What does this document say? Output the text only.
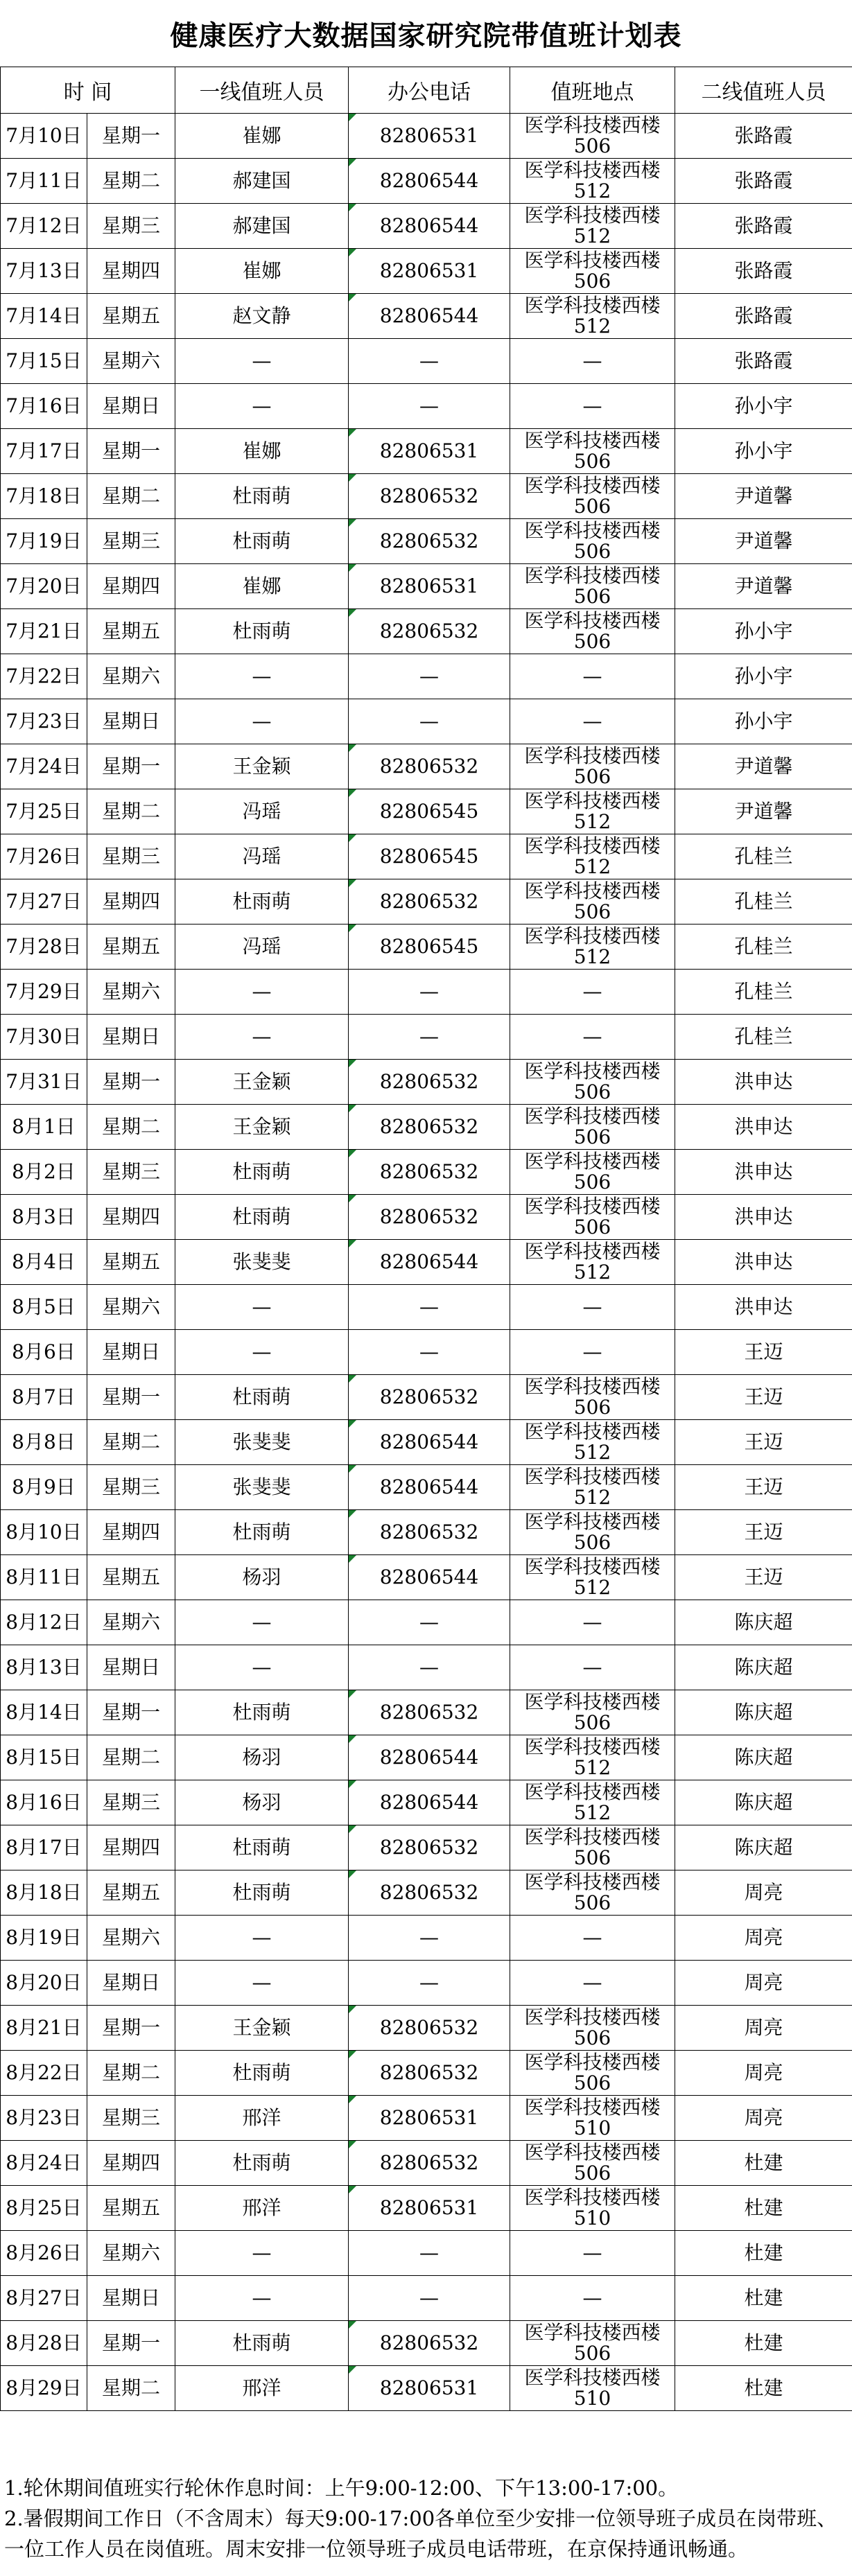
健康医疗大数据国家研究院带值班计划表
时 间		一线值班人员	办公电话	值班地点	二线值班人员
7月10日	星期一	崔娜	82806531	医学科技楼西楼506	张路霞
7月11日	星期二	郝建国	82806544	医学科技楼西楼512	张路霞
7月12日	星期三	郝建国	82806544	医学科技楼西楼512	张路霞
7月13日	星期四	崔娜	82806531	医学科技楼西楼506	张路霞
7月14日	星期五	赵文静	82806544	医学科技楼西楼512	张路霞
7月15日	星期六	—	—	—	张路霞
7月16日	星期日	—	—	—	孙小宇
7月17日	星期一	崔娜	82806531	医学科技楼西楼506	孙小宇
7月18日	星期二	杜雨萌	82806532	医学科技楼西楼506	尹道馨
7月19日	星期三	杜雨萌	82806532	医学科技楼西楼506	尹道馨
7月20日	星期四	崔娜	82806531	医学科技楼西楼506	尹道馨
7月21日	星期五	杜雨萌	82806532	医学科技楼西楼506	孙小宇
7月22日	星期六	—	—	—	孙小宇
7月23日	星期日	—	—	—	孙小宇
7月24日	星期一	王金颖	82806532	医学科技楼西楼506	尹道馨
7月25日	星期二	冯瑶	82806545	医学科技楼西楼512	尹道馨
7月26日	星期三	冯瑶	82806545	医学科技楼西楼512	孔桂兰
7月27日	星期四	杜雨萌	82806532	医学科技楼西楼506	孔桂兰
7月28日	星期五	冯瑶	82806545	医学科技楼西楼512	孔桂兰
7月29日	星期六	—	—	—	孔桂兰
7月30日	星期日	—	—	—	孔桂兰
7月31日	星期一	王金颖	82806532	医学科技楼西楼506	洪申达
8月1日	星期二	王金颖	82806532	医学科技楼西楼506	洪申达
8月2日	星期三	杜雨萌	82806532	医学科技楼西楼506	洪申达
8月3日	星期四	杜雨萌	82806532	医学科技楼西楼506	洪申达
8月4日	星期五	张斐斐	82806544	医学科技楼西楼512	洪申达
8月5日	星期六	—	—	—	洪申达
8月6日	星期日	—	—	—	王迈
8月7日	星期一	杜雨萌	82806532	医学科技楼西楼506	王迈
8月8日	星期二	张斐斐	82806544	医学科技楼西楼512	王迈
8月9日	星期三	张斐斐	82806544	医学科技楼西楼512	王迈
8月10日	星期四	杜雨萌	82806532	医学科技楼西楼506	王迈
8月11日	星期五	杨羽	82806544	医学科技楼西楼512	王迈
8月12日	星期六	—	—	—	陈庆超
8月13日	星期日	—	—	—	陈庆超
8月14日	星期一	杜雨萌	82806532	医学科技楼西楼506	陈庆超
8月15日	星期二	杨羽	82806544	医学科技楼西楼512	陈庆超
8月16日	星期三	杨羽	82806544	医学科技楼西楼512	陈庆超
8月17日	星期四	杜雨萌	82806532	医学科技楼西楼506	陈庆超
8月18日	星期五	杜雨萌	82806532	医学科技楼西楼506	周亮
8月19日	星期六	—	—	—	周亮
8月20日	星期日	—	—	—	周亮
8月21日	星期一	王金颖	82806532	医学科技楼西楼506	周亮
8月22日	星期二	杜雨萌	82806532	医学科技楼西楼506	周亮
8月23日	星期三	邢洋	82806531	医学科技楼西楼510	周亮
8月24日	星期四	杜雨萌	82806532	医学科技楼西楼506	杜建
8月25日	星期五	邢洋	82806531	医学科技楼西楼510	杜建
8月26日	星期六	—	—	—	杜建
8月27日	星期日	—	—	—	杜建
8月28日	星期一	杜雨萌	82806532	医学科技楼西楼506	杜建
8月29日	星期二	邢洋	82806531	医学科技楼西楼510	杜建

1.轮休期间值班实行轮休作息时间：上午9:00-12:00、下午13:00-17:00。

2.暑假期间工作日（不含周末）每天9:00-17:00各单位至少安排一位领导班子成员在岗带班、一位工作人员在岗值班。周末安排一位领导班子成员电话带班，在京保持通讯畅通。
